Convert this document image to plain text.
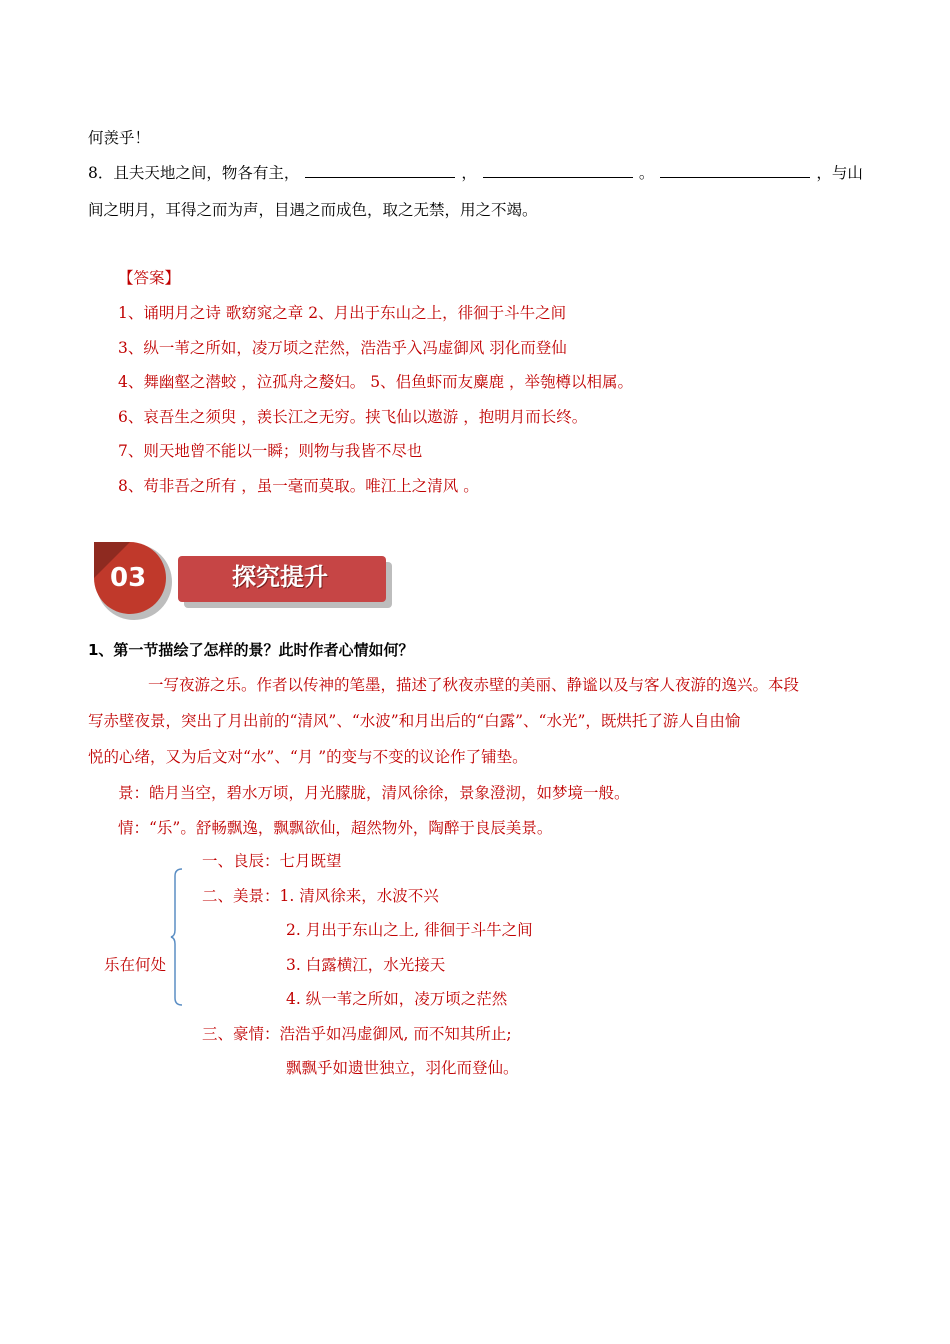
何羡乎！
8．且夫天地之间，物各有主，	，	。	，与山
间之明月，耳得之而为声，目遇之而成色，取之无禁，用之不竭。
【答案】
1、诵明月之诗 歌窈窕之章 2、月出于东山之上，徘徊于斗牛之间
3、纵一苇之所如，凌万顷之茫然，浩浩乎入冯虚御风 羽化而登仙
4、舞幽壑之潜蛟 ，泣孤舟之嫠妇。 5、侣鱼虾而友麋鹿 ，举匏樽以相属。
6、哀吾生之须臾 ，羡长江之无穷。挟飞仙以遨游 ，抱明月而长终。
7、则天地曾不能以一瞬；则物与我皆不尽也
8、苟非吾之所有 ，虽一毫而莫取。唯江上之清风 。
03	探究提升
1、第一节描绘了怎样的景？此时作者心情如何？
一写夜游之乐。作者以传神的笔墨，描述了秋夜赤壁的美丽、静谧以及与客人夜游的逸兴。本段
写赤壁夜景，突出了月出前的“清风”、“水波”和月出后的“白露”、“水光”，既烘托了游人自由愉
悦的心绪，又为后文对“水”、“月 ”的变与不变的议论作了铺垫。
景：皓月当空，碧水万顷，月光朦胧，清风徐徐，景象澄沏，如梦境一般。
情：“乐”。舒畅飘逸，飘飘欲仙，超然物外，陶醉于良辰美景。
乐在何处
一、良辰：七月既望
二、美景：1. 清风徐来，水波不兴
2. 月出于东山之上, 徘徊于斗牛之间
3. 白露横江，水光接天
4. 纵一苇之所如，凌万顷之茫然
三、豪情：浩浩乎如冯虚御风, 而不知其所止;
飘飘乎如遗世独立，羽化而登仙。
